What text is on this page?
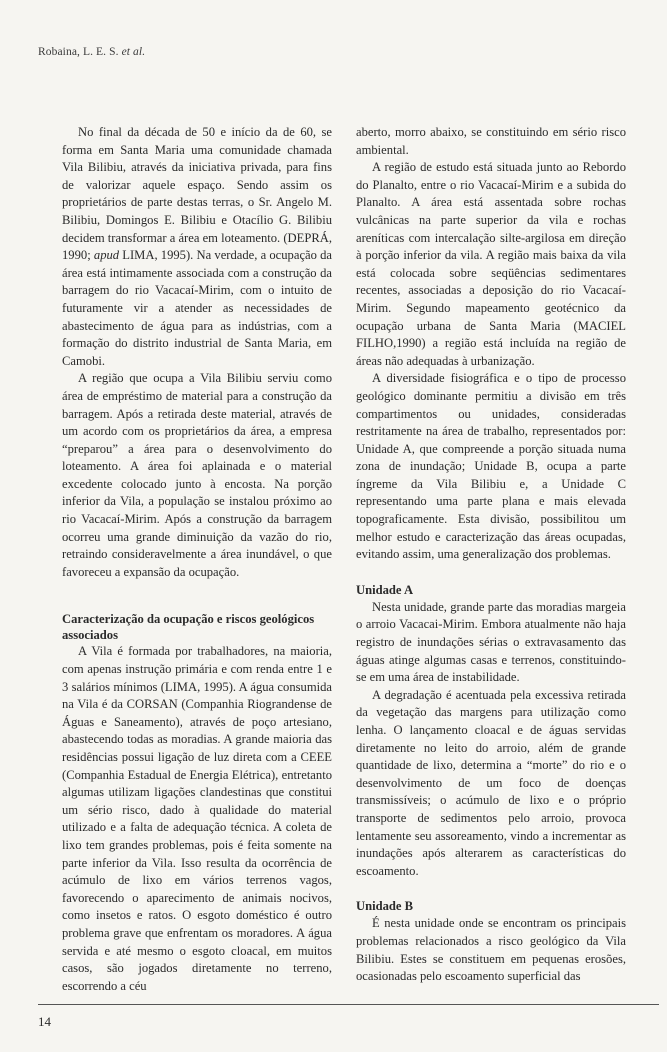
Robaina, L. E. S. et al.

No final da década de 50 e início da de 60, se forma em Santa Maria uma comunidade chamada Vila Bilibiu, através da iniciativa privada, para fins de valorizar aquele espaço. Sendo assim os proprietários de parte destas terras, o Sr. Angelo M. Bilibiu, Domingos E. Bilibiu e Otacílio G. Bilibiu decidem transformar a área em loteamento. (DEPRÁ, 1990; apud LIMA, 1995). Na verdade, a ocupação da área está intimamente associada com a construção da barragem do rio Vacacaí-Mirim, com o intuito de futuramente vir a atender as necessidades de abastecimento de água para as indústrias, com a formação do distrito industrial de Santa Maria, em Camobi.

A região que ocupa a Vila Bilibiu serviu como área de empréstimo de material para a construção da barragem. Após a retirada deste material, através de um acordo com os proprietários da área, a empresa “preparou” a área para o desenvolvimento do loteamento. A área foi aplainada e o material excedente colocado junto à encosta. Na porção inferior da Vila, a população se instalou próximo ao rio Vacacaí-Mirim. Após a construção da barragem ocorreu uma grande diminuição da vazão do rio, retraindo consideravelmente a área inundável, o que favoreceu a expansão da ocupação.

Caracterização da ocupação e riscos geológicos associados

A Vila é formada por trabalhadores, na maioria, com apenas instrução primária e com renda entre 1 e 3 salários mínimos (LIMA, 1995). A água consumida na Vila é da CORSAN (Companhia Riograndense de Águas e Saneamento), através de poço artesiano, abastecendo todas as moradias. A grande maioria das residências possui ligação de luz direta com a CEEE (Companhia Estadual de Energia Elétrica), entretanto algumas utilizam ligações clandestinas que constitui um sério risco, dado à qualidade do material utilizado e a falta de adequação técnica. A coleta de lixo tem grandes problemas, pois é feita somente na parte inferior da Vila. Isso resulta da ocorrência de acúmulo de lixo em vários terrenos vagos, favorecendo o aparecimento de animais nocivos, como insetos e ratos. O esgoto doméstico é outro problema grave que enfrentam os moradores. A água servida e até mesmo o esgoto cloacal, em muitos casos, são jogados diretamente no terreno, escorrendo a céu

aberto, morro abaixo, se constituindo em sério risco ambiental.

A região de estudo está situada junto ao Rebordo do Planalto, entre o rio Vacacaí-Mirim e a subida do Planalto. A área está assentada sobre rochas vulcânicas na parte superior da vila e rochas areníticas com intercalação silte-argilosa em direção à porção inferior da vila. A região mais baixa da vila está colocada sobre seqüências sedimentares recentes, associadas a deposição do rio Vacacaí-Mirim. Segundo mapeamento geotécnico da ocupação urbana de Santa Maria (MACIEL FILHO,1990) a região está incluída na região de áreas não adequadas à urbanização.

A diversidade fisiográfica e o tipo de processo geológico dominante permitiu a divisão em três compartimentos ou unidades, consideradas restritamente na área de trabalho, representados por: Unidade A, que compreende a porção situada numa zona de inundação; Unidade B, ocupa a parte íngreme da Vila Bilibiu e, a Unidade C representando uma parte plana e mais elevada topograficamente. Esta divisão, possibilitou um melhor estudo e caracterização das áreas ocupadas, evitando assim, uma generalização dos problemas.

Unidade A

Nesta unidade, grande parte das moradias margeia o arroio Vacacai-Mirim. Embora atualmente não haja registro de inundações sérias o extravasamento das águas atinge algumas casas e terrenos, constituindo-se em uma área de instabilidade.

A degradação é acentuada pela excessiva retirada da vegetação das margens para utilização como lenha. O lançamento cloacal e de águas servidas diretamente no leito do arroio, além de grande quantidade de lixo, determina a “morte” do rio e o desenvolvimento de um foco de doenças transmissíveis; o acúmulo de lixo e o próprio transporte de sedimentos pelo arroio, provoca lentamente seu assoreamento, vindo a incrementar as inundações após alterarem as características do escoamento.

Unidade B

É nesta unidade onde se encontram os principais problemas relacionados a risco geológico da Vila Bilibiu. Estes se constituem em pequenas erosões, ocasionadas pelo escoamento superficial das

14
